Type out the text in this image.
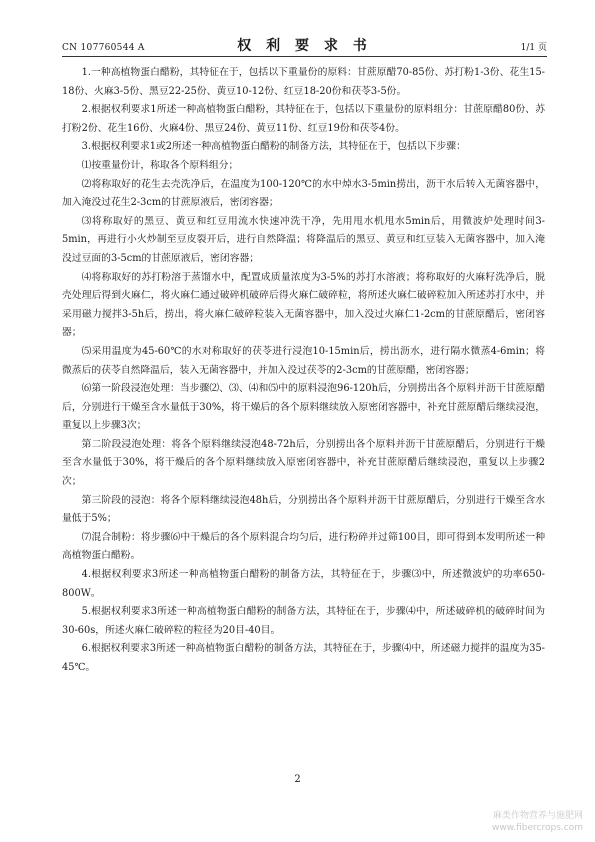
CN 107760544 A	权 利 要 求 书	1/1 页

1.一种高植物蛋白醋粉，其特征在于，包括以下重量份的原料：甘蔗原醋70-85份、苏打粉1-3份、花生15-18份、火麻3-5份、黑豆22-25份、黄豆10-12份、红豆18-20份和茯苓3-5份。

2.根据权利要求1所述一种高植物蛋白醋粉，其特征在于，包括以下重量份的原料组分：甘蔗原醋80份、苏打粉2份、花生16份、火麻4份、黑豆24份、黄豆11份、红豆19份和茯苓4份。

3.根据权利要求1或2所述一种高植物蛋白醋粉的制备方法，其特征在于，包括以下步骤：

⑴按重量份计，称取各个原料组分；

⑵将称取好的花生去壳洗净后，在温度为100-120℃的水中焯水3-5min捞出，沥干水后转入无菌容器中，加入淹没过花生2-3cm的甘蔗原液后，密闭容器；

⑶将称取好的黑豆、黄豆和红豆用流水快速冲洗干净，先用甩水机甩水5min后，用微波炉处理时间3-5min，再进行小火炒制至豆皮裂开后，进行自然降温；将降温后的黑豆、黄豆和红豆装入无菌容器中，加入淹没过豆面的3-5cm的甘蔗原液后，密闭容器；

⑷将称取好的苏打粉溶于蒸馏水中，配置成质量浓度为3-5%的苏打水溶液；将称取好的火麻籽洗净后，脱壳处理后得到火麻仁，将火麻仁通过破碎机破碎后得火麻仁破碎粒，将所述火麻仁破碎粒加入所述苏打水中，并采用磁力搅拌3-5h后，捞出，将火麻仁破碎粒装入无菌容器中，加入没过火麻仁1-2cm的甘蔗原醋后，密闭容器；

⑸采用温度为45-60℃的水对称取好的茯苓进行浸泡10-15min后，捞出沥水，进行隔水微蒸4-6min；将微蒸后的茯苓自然降温后，装入无菌容器中，并加入没过茯苓的2-3cm的甘蔗原醋，密闭容器；

⑹第一阶段浸泡处理：当步骤⑵、⑶、⑷和⑸中的原料浸泡96-120h后，分别捞出各个原料并沥干甘蔗原醋后，分别进行干燥至含水量低于30%，将干燥后的各个原料继续放入原密闭容器中，补充甘蔗原醋后继续浸泡，重复以上步骤3次；

第二阶段浸泡处理：将各个原料继续浸泡48-72h后，分别捞出各个原料并沥干甘蔗原醋后，分别进行干燥至含水量低于30%，将干燥后的各个原料继续放入原密闭容器中，补充甘蔗原醋后继续浸泡，重复以上步骤2次；

第三阶段的浸泡：将各个原料继续浸泡48h后，分别捞出各个原料并沥干甘蔗原醋后，分别进行干燥至含水量低于5%；

⑺混合制粉：将步骤⑹中干燥后的各个原料混合均匀后，进行粉碎并过筛100目，即可得到本发明所述一种高植物蛋白醋粉。

4.根据权利要求3所述一种高植物蛋白醋粉的制备方法，其特征在于，步骤⑶中，所述微波炉的功率650-800W。

5.根据权利要求3所述一种高植物蛋白醋粉的制备方法，其特征在于，步骤⑷中，所述破碎机的破碎时间为30-60s，所述火麻仁破碎粒的粒径为20目-40目。

6.根据权利要求3所述一种高植物蛋白醋粉的制备方法，其特征在于，步骤⑷中，所述磁力搅拌的温度为35-45℃。

2
麻类作物营养与施肥网
www.fibercrops.com
